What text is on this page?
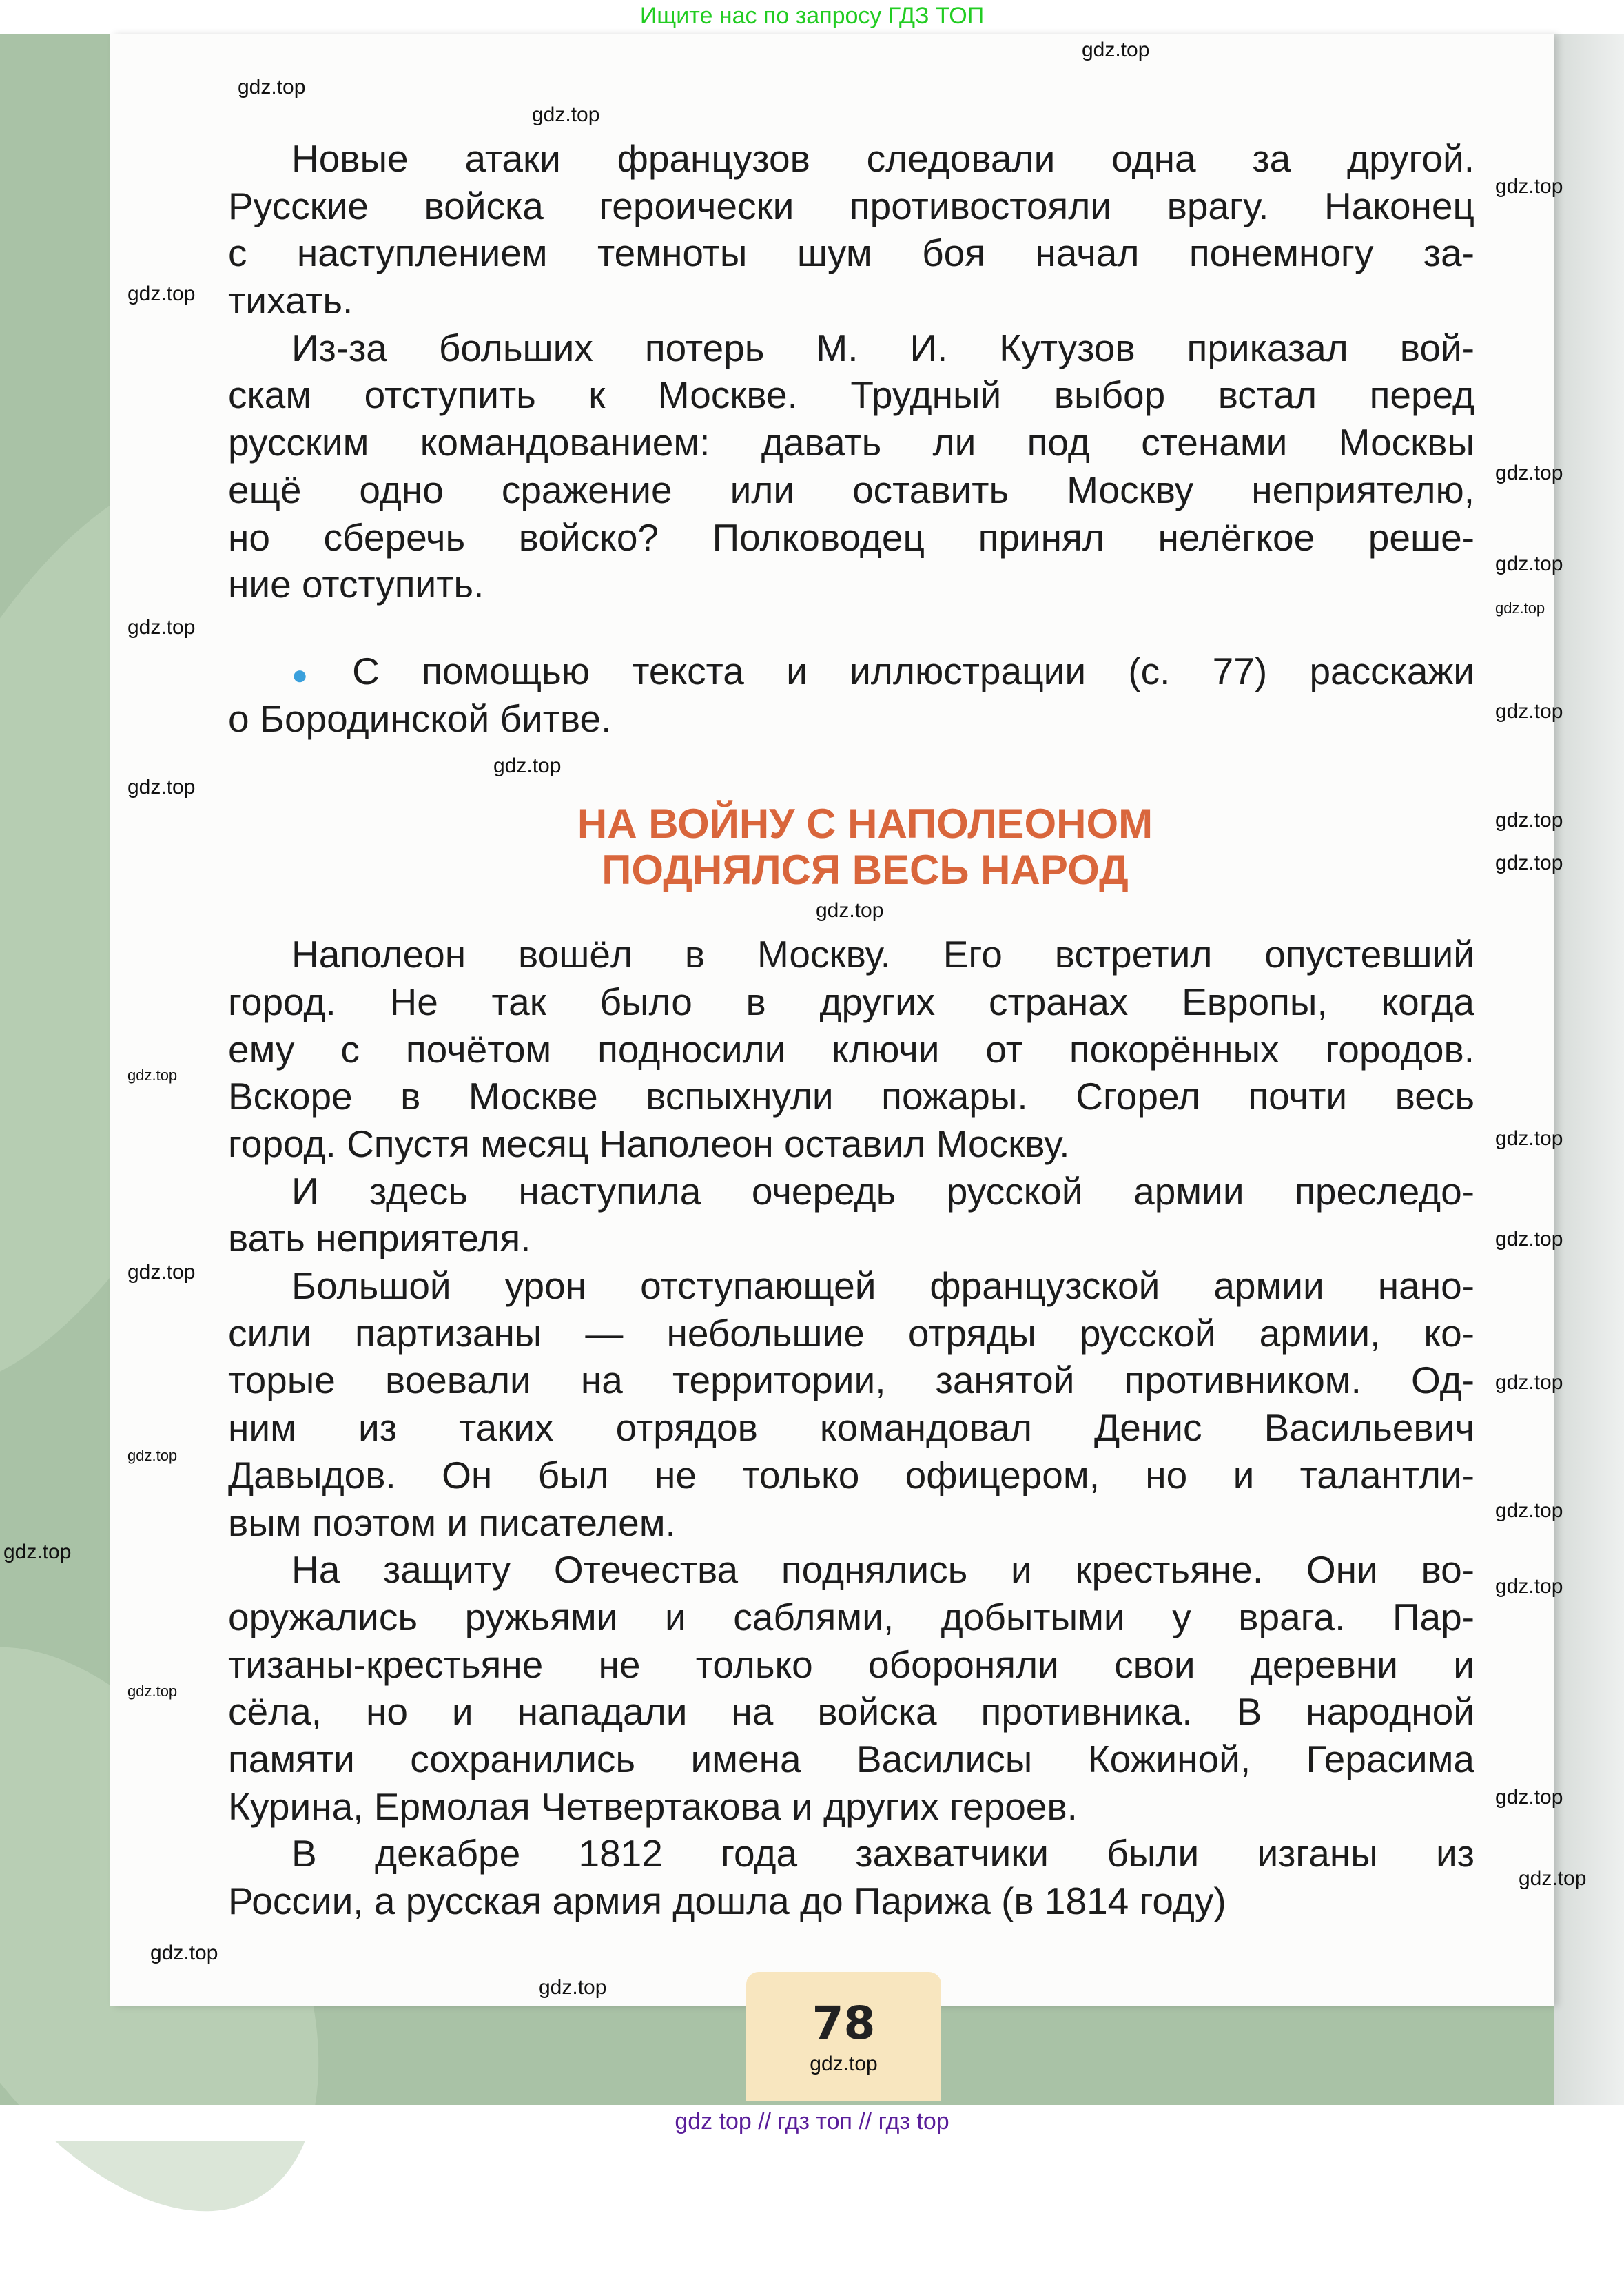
Ищите нас по запросу ГДЗ ТОП
Новые атаки французов следовали одна за другой.
Русские войска героически противостояли врагу. Наконец
с наступлением темноты шум боя начал понемногу за-
тихать.
Из-за больших потерь М. И. Кутузов приказал вой-
скам отступить к Москве. Трудный выбор встал перед
русским командованием: давать ли под стенами Москвы
ещё одно сражение или оставить Москву неприятелю,
но сберечь войско? Полководец принял нелёгкое реше-
ние отступить.
● С помощью текста и иллюстрации (с. 77) расскажи
о Бородинской битве.
НА ВОЙНУ С НАПОЛЕОНОМ
ПОДНЯЛСЯ ВЕСЬ НАРОД
Наполеон вошёл в Москву. Его встретил опустевший
город. Не так было в других странах Европы, когда
ему с почётом подносили ключи от покорённых городов.
Вскоре в Москве вспыхнули пожары. Сгорел почти весь
город. Спустя месяц Наполеон оставил Москву.
И здесь наступила очередь русской армии преследо-
вать неприятеля.
Большой урон отступающей французской армии нано-
сили партизаны — небольшие отряды русской армии, ко-
торые воевали на территории, занятой противником. Од-
ним из таких отрядов командовал Денис Васильевич
Давыдов. Он был не только офицером, но и талантли-
вым поэтом и писателем.
На защиту Отечества поднялись и крестьяне. Они во-
оружались ружьями и саблями, добытыми у врага. Пар-
тизаны-крестьяне не только обороняли свои деревни и
сёла, но и нападали на войска противника. В народной
памяти сохранились имена Василисы Кожиной, Герасима
Курина, Ермолая Четвертакова и других героев.
В декабре 1812 года захватчики были изганы из
России, а русская армия дошла до Парижа (в 1814 году)
gdz.top
gdz.top
gdz.top
gdz.top
gdz.top
gdz.top
gdz.top
gdz.top
gdz.top
gdz.top
gdz.top
gdz.top
gdz.top
gdz.top
gdz.top
gdz.top
gdz.top
gdz.top
gdz.top
gdz.top
gdz.top
gdz.top
gdz.top
gdz.top
gdz.top
gdz.top
gdz.top
gdz.top
gdz.top
78
gdz.top
gdz top // гдз топ // гдз top
